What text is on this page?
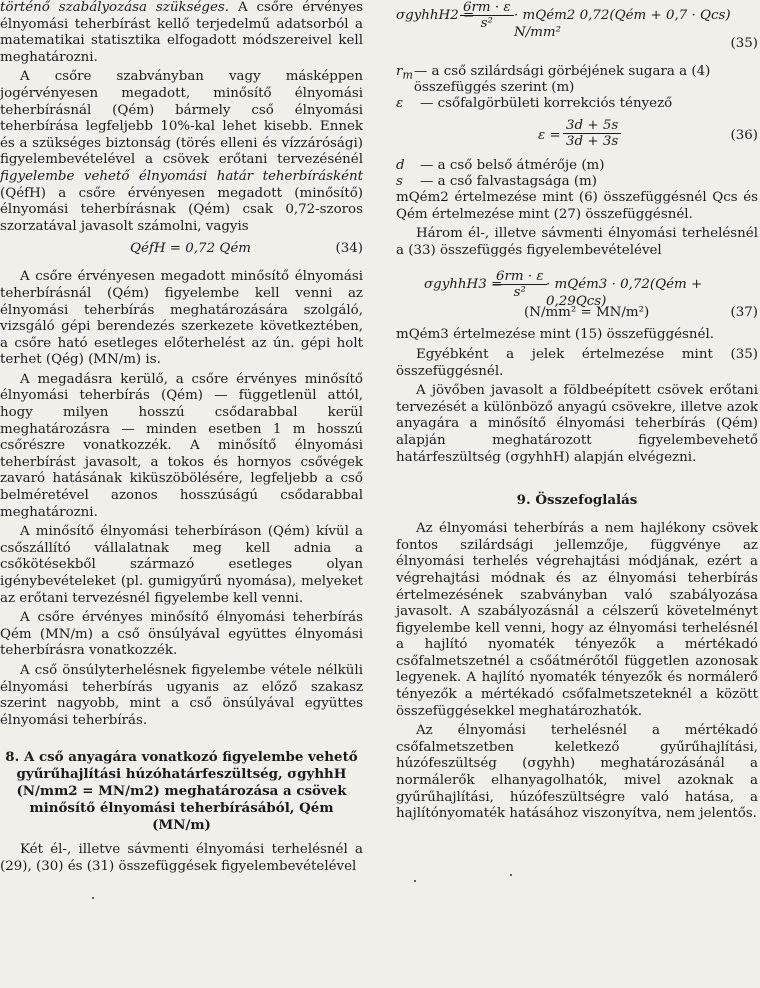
történő szabályozása szükséges. A csőre érvényes élnyomási teherbírást kellő terjedelmű adatsorból a matematikai statisztika elfogadott módszereivel kell meghatározni.

A csőre szabványban vagy másképpen jogérvényesen megadott, minősítő élnyomási teherbírásnál (Qém) bármely cső élnyomási teherbírása legfeljebb 10%-kal lehet kisebb. Ennek és a szükséges biztonság (törés elleni és vízzárósági) figyelembevételével a csövek erőtani tervezésénél figyelembe vehető élnyomási határ teherbírásként (QéfH) a csőre érvényesen megadott (minősítő) élnyomási teherbírásnak (Qém) csak 0,72-szoros szorzatával javasolt számolni, vagyis

QéfH = 0,72 Qém	(34)

A csőre érvényesen megadott minősítő élnyomási teherbírásnál (Qém) figyelembe kell venni az élnyomási teherbírás meghatározására szolgáló, vizsgáló gépi berendezés szerkezete következtében, a csőre ható esetleges előterhelést az ún. gépi holt terhet (Qég) (MN/m) is.

A megadásra kerülő, a csőre érvényes minősítő élnyomási teherbírás (Qém) — függetlenül attól, hogy milyen hosszú csődarabbal kerül meghatározásra — minden esetben 1 m hosszú csőrészre vonatkozzék. A minősítő élnyomási teherbírást javasolt, a tokos és hornyos csővégek zavaró hatásának kiküszöbölésére, legfeljebb a cső belméretével azonos hosszúságú csődarabbal meghatározni.

A minősítő élnyomási teherbíráson (Qém) kívül a csőszállító vállalatnak meg kell adnia a csőkötésekből származó esetleges olyan igénybevételeket (pl. gumigyűrű nyomása), melyeket az erőtani tervezésnél figyelembe kell venni.

A csőre érvényes minősítő élnyomási teherbírás Qém (MN/m) a cső önsúlyával együttes élnyomási teherbírásra vonatkozzék.

A cső önsúlyterhelésnek figyelembe vétele nélküli élnyomási teherbírás ugyanis az előző szakasz szerint nagyobb, mint a cső önsúlyával együttes élnyomási teherbírás.

8. A cső anyagára vonatkozó figyelembe vehető gyűrűhajlítási húzóhatárfeszültség, σgyhhH (N/mm2 = MN/m2) meghatározása a csövek minősítő élnyomási teherbírásából, Qém (MN/m)

Két él-, illetve sávmenti élnyomási terhelésnél a (29), (30) és (31) összefüggések figyelembevételével

σgyhhH2 =
$\frac{6rm \cdot \varepsilon}{\text{s²}}$ · mQém2 0,72(Qém + 0,7 · Qcs) N/mm²
(35)
$r_m$ — a cső szilárdsági görbéjének sugara a (4) összefüggés szerint (m)
ε	— csőfalgörbületi korrekciós tényező
$\varepsilon = \frac{3d + 5s}{3d + 3s}$	(36)
d	— a cső belső átmérője (m)
s	— a cső falvastagsága (m)

mQém2 értelmezése mint (6) összefüggésnél Qcs és Qém értelmezése mint (27) összefüggésnél.

Három él-, illetve sávmenti élnyomási terhelésnél a (33) összefüggés figyelembevételével

σgyhhH3 =
$\frac{6rm \cdot \varepsilon}{\text{s²}}$ · mQém3 · 0,72(Qém + 0,29Qcs)
(N/mm² = MN/m²)	(37)

mQém3 értelmezése mint (15) összefüggésnél.

Egyébként a jelek értelmezése mint (35) összefüggésnél.

A jövőben javasolt a földbeépített csövek erőtani tervezését a különböző anyagú csövekre, illetve azok anyagára a minősítő élnyomási teherbírás (Qém) alapján meghatározott figyelembevehető határfeszültség (σgyhhH) alapján elvégezni.

9. Összefoglalás

Az élnyomási teherbírás a nem hajlékony csövek fontos szilárdsági jellemzője, függvénye az élnyomási terhelés végrehajtási módjának, ezért a végrehajtási módnak és az élnyomási teherbírás értelmezésének szabványban való szabályozása javasolt. A szabályozásnál a célszerű követelményt figyelembe kell venni, hogy az élnyomási terhelésnél a hajlító nyomaték tényezők a mértékadó csőfalmetszetnél a csőátmérőtől független azonosak legyenek. A hajlító nyomaték tényezők és normálerő tényezők a mértékadó csőfalmetszeteknél a között összefüggésekkel meghatározhatók.

Az élnyomási terhelésnél a mértékadó csőfalmetszetben keletkező gyűrűhajlítási, húzófeszültség (σgyhh) meghatározásánál a normálerők elhanyagolhatók, mivel azoknak a gyűrűhajlítási, húzófeszültségre való hatása, a hajlítónyomaték hatásához viszonyítva, nem jelentős.
